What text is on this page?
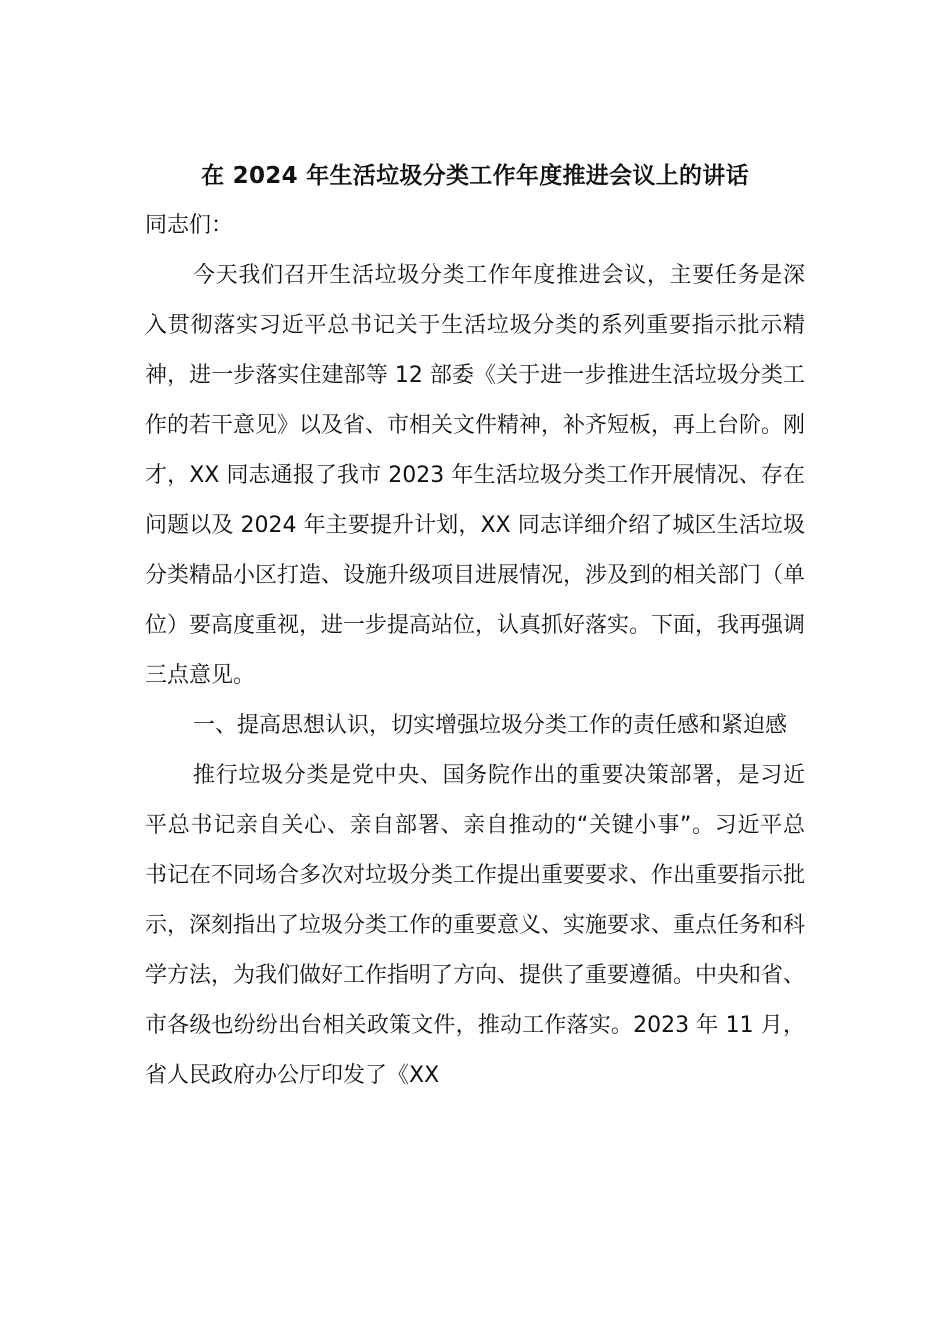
在 2024 年生活垃圾分类工作年度推进会议上的讲话

同志们：

今天我们召开生活垃圾分类工作年度推进会议，主要任务是深入贯彻落实习近平总书记关于生活垃圾分类的系列重要指示批示精神，进一步落实住建部等 12 部委《关于进一步推进生活垃圾分类工作的若干意见》以及省、市相关文件精神，补齐短板，再上台阶。刚才，XX 同志通报了我市 2023 年生活垃圾分类工作开展情况、存在问题以及 2024 年主要提升计划，XX 同志详细介绍了城区生活垃圾分类精品小区打造、设施升级项目进展情况，涉及到的相关部门（单位）要高度重视，进一步提高站位，认真抓好落实。下面，我再强调三点意见。

一、提高思想认识，切实增强垃圾分类工作的责任感和紧迫感

推行垃圾分类是党中央、国务院作出的重要决策部署，是习近平总书记亲自关心、亲自部署、亲自推动的“关键小事”。习近平总书记在不同场合多次对垃圾分类工作提出重要要求、作出重要指示批示，深刻指出了垃圾分类工作的重要意义、实施要求、重点任务和科学方法，为我们做好工作指明了方向、提供了重要遵循。中央和省、市各级也纷纷出台相关政策文件，推动工作落实。2023 年 11 月，省人民政府办公厅印发了《XX
